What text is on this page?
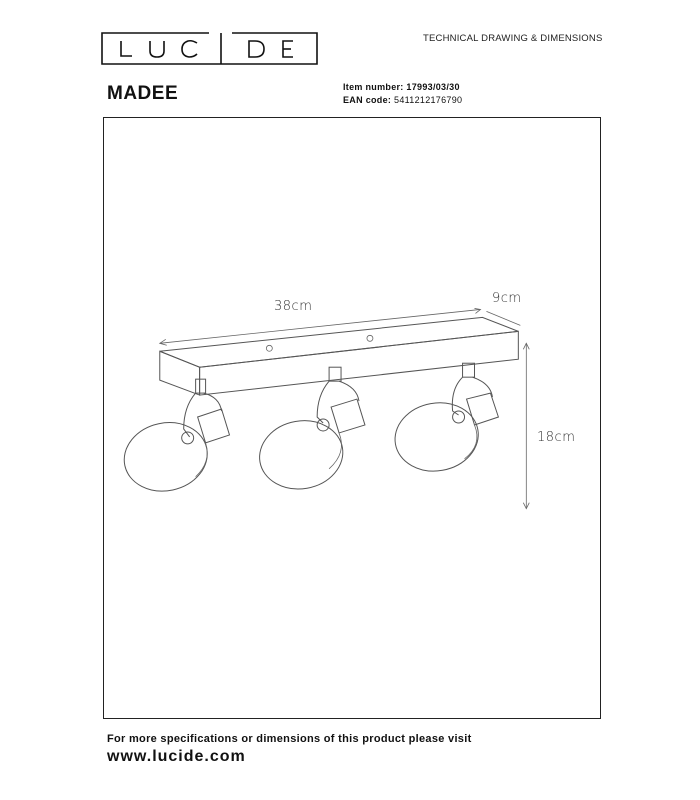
TECHNICAL DRAWING & DIMENSIONS
MADEE	Item number: 17993/03/30
EAN code: 5411212176790
38cm
9cm
18cm
For more specifications or dimensions of this product please visit
www.lucide.com
